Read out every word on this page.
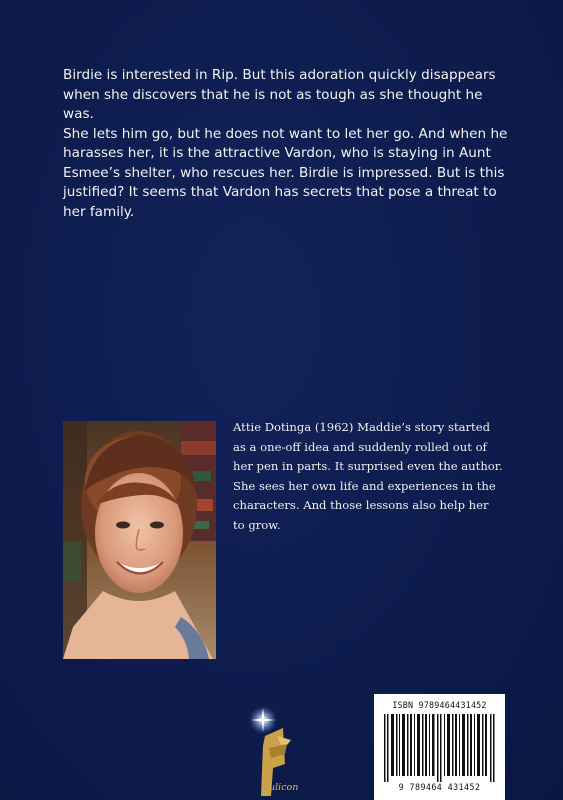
Birdie is interested in Rip. But this adoration quickly disappears when she discovers that he is not as tough as she thought he was.

She lets him go, but he does not want to let her go. And when he harasses her, it is the attractive Vardon, who is staying in Aunt Esmee’s shelter, who rescues her. Birdie is impressed. But is this justified? It seems that Vardon has secrets that pose a threat to her family.

Attie Dotinga (1962) Maddie’s story started as a one-off idea and suddenly rolled out of her pen in parts. It surprised even the author. She sees her own life and experiences in the characters. And those lessons also help her to grow.
ulicon
ISBN 9789464431452
9 789464 431452
